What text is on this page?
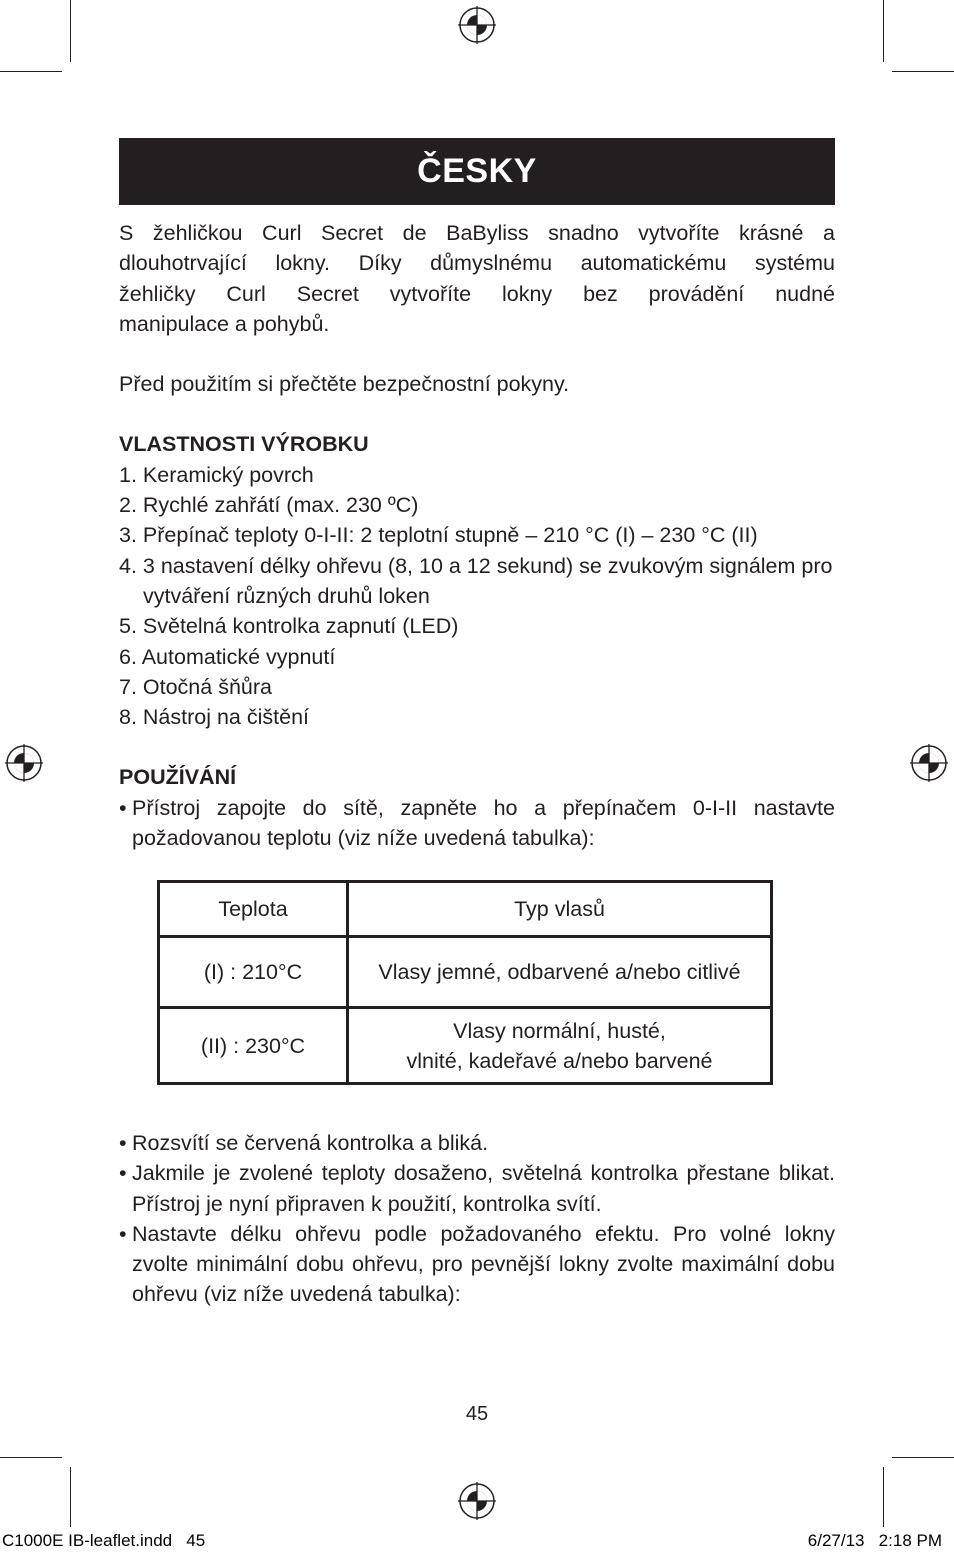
ČESKY
S žehličkou Curl Secret de BaByliss snadno vytvoříte krásné a
dlouhotrvající lokny. Díky důmyslnému automatickému systému
žehličky Curl Secret vytvoříte lokny bez provádění nudné
manipulace a pohybů.

Před použitím si přečtěte bezpečnostní pokyny.

VLASTNOSTI VÝROBKU
1. Keramický povrch
2. Rychlé zahřátí (max. 230 ºC)
3. Přepínač teploty 0-I-II: 2 teplotní stupně – 210 °C (I) – 230 °C (II)
4. 3 nastavení délky ohřevu (8, 10 a 12 sekund) se zvukovým signálem pro vytváření různých druhů loken
5. Světelná kontrolka zapnutí (LED)
6. Automatické vypnutí
7. Otočná šňůra
8. Nástroj na čištění
POUŽÍVÁNÍ
• Přístroj zapojte do sítě, zapněte ho a přepínačem 0-I-II nastavte požadovanou teplotu (viz níže uvedená tabulka):
Teplota	Typ vlasů
(I) : 210°C	Vlasy jemné, odbarvené a/nebo citlivé
(II) : 230°C	Vlasy normální, husté,
vlnité, kadeřavé a/nebo barvené
• Rozsvítí se červená kontrolka a bliká.
• Jakmile je zvolené teploty dosaženo, světelná kontrolka přestane blikat. Přístroj je nyní připraven k použití, kontrolka svítí.
• Nastavte délku ohřevu podle požadovaného efektu. Pro volné lokny zvolte minimální dobu ohřevu, pro pevnější lokny zvolte maximální dobu ohřevu (viz níže uvedená tabulka):
45
C1000E IB-leaflet.indd   45	6/27/13   2:18 PM
